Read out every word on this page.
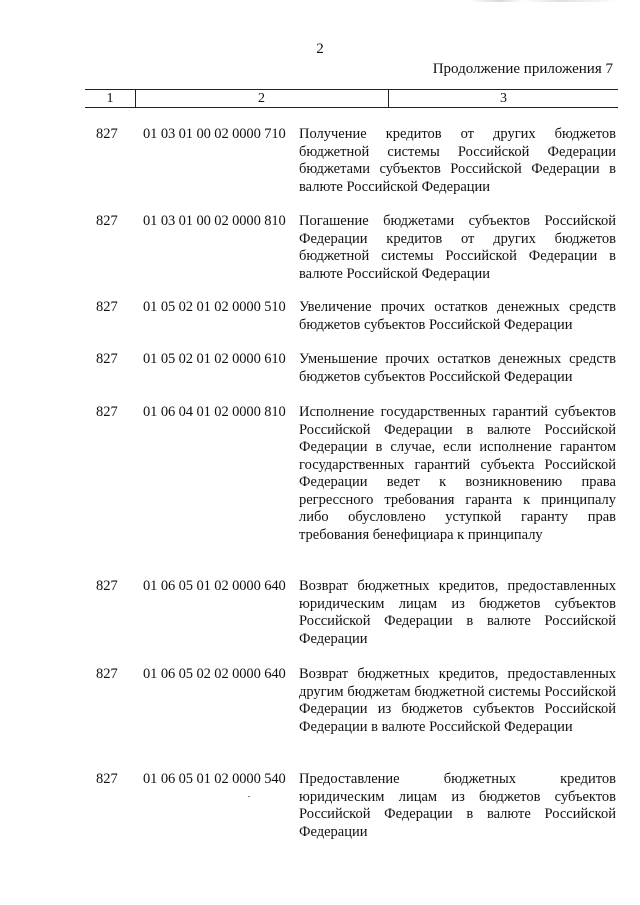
2
Продолжение приложения 7
1	2	3
827	01 03 01 00 02 0000 710 Получение кредитов от других бюджетов бюджетной системы Российской Федерации бюджетами субъектов Российской Федерации в валюте Российской Федерации
827	01 03 01 00 02 0000 810 Погашение бюджетами субъектов Российской Федерации кредитов от других бюджетов бюджетной системы Российской Федерации в валюте Российской Федерации
827	01 05 02 01 02 0000 510 Увеличение прочих остатков денежных средств бюджетов субъектов Российской Федерации
827	01 05 02 01 02 0000 610 Уменьшение прочих остатков денежных средств бюджетов субъектов Российской Федерации
827	01 06 04 01 02 0000 810 Исполнение государственных гарантий субъектов Российской Федерации в валюте Российской Федерации в случае, если исполнение гарантом государственных гарантий субъекта Российской Федерации ведет к возникновению права регрессного требования гаранта к принципалу либо обусловлено уступкой гаранту прав требования бенефициара к принципалу
827	01 06 05 01 02 0000 640 Возврат бюджетных кредитов, предоставленных юридическим лицам из бюджетов субъектов Российской Федерации в валюте Российской Федерации
827	01 06 05 02 02 0000 640 Возврат бюджетных кредитов, предоставленных другим бюджетам бюджетной системы Российской Федерации из бюджетов субъектов Российской Федерации в валюте Российской Федерации
827	01 06 05 01 02 0000 540 Предоставление бюджетных кредитов юридическим лицам из бюджетов субъектов Российской Федерации в валюте Российской Федерации
